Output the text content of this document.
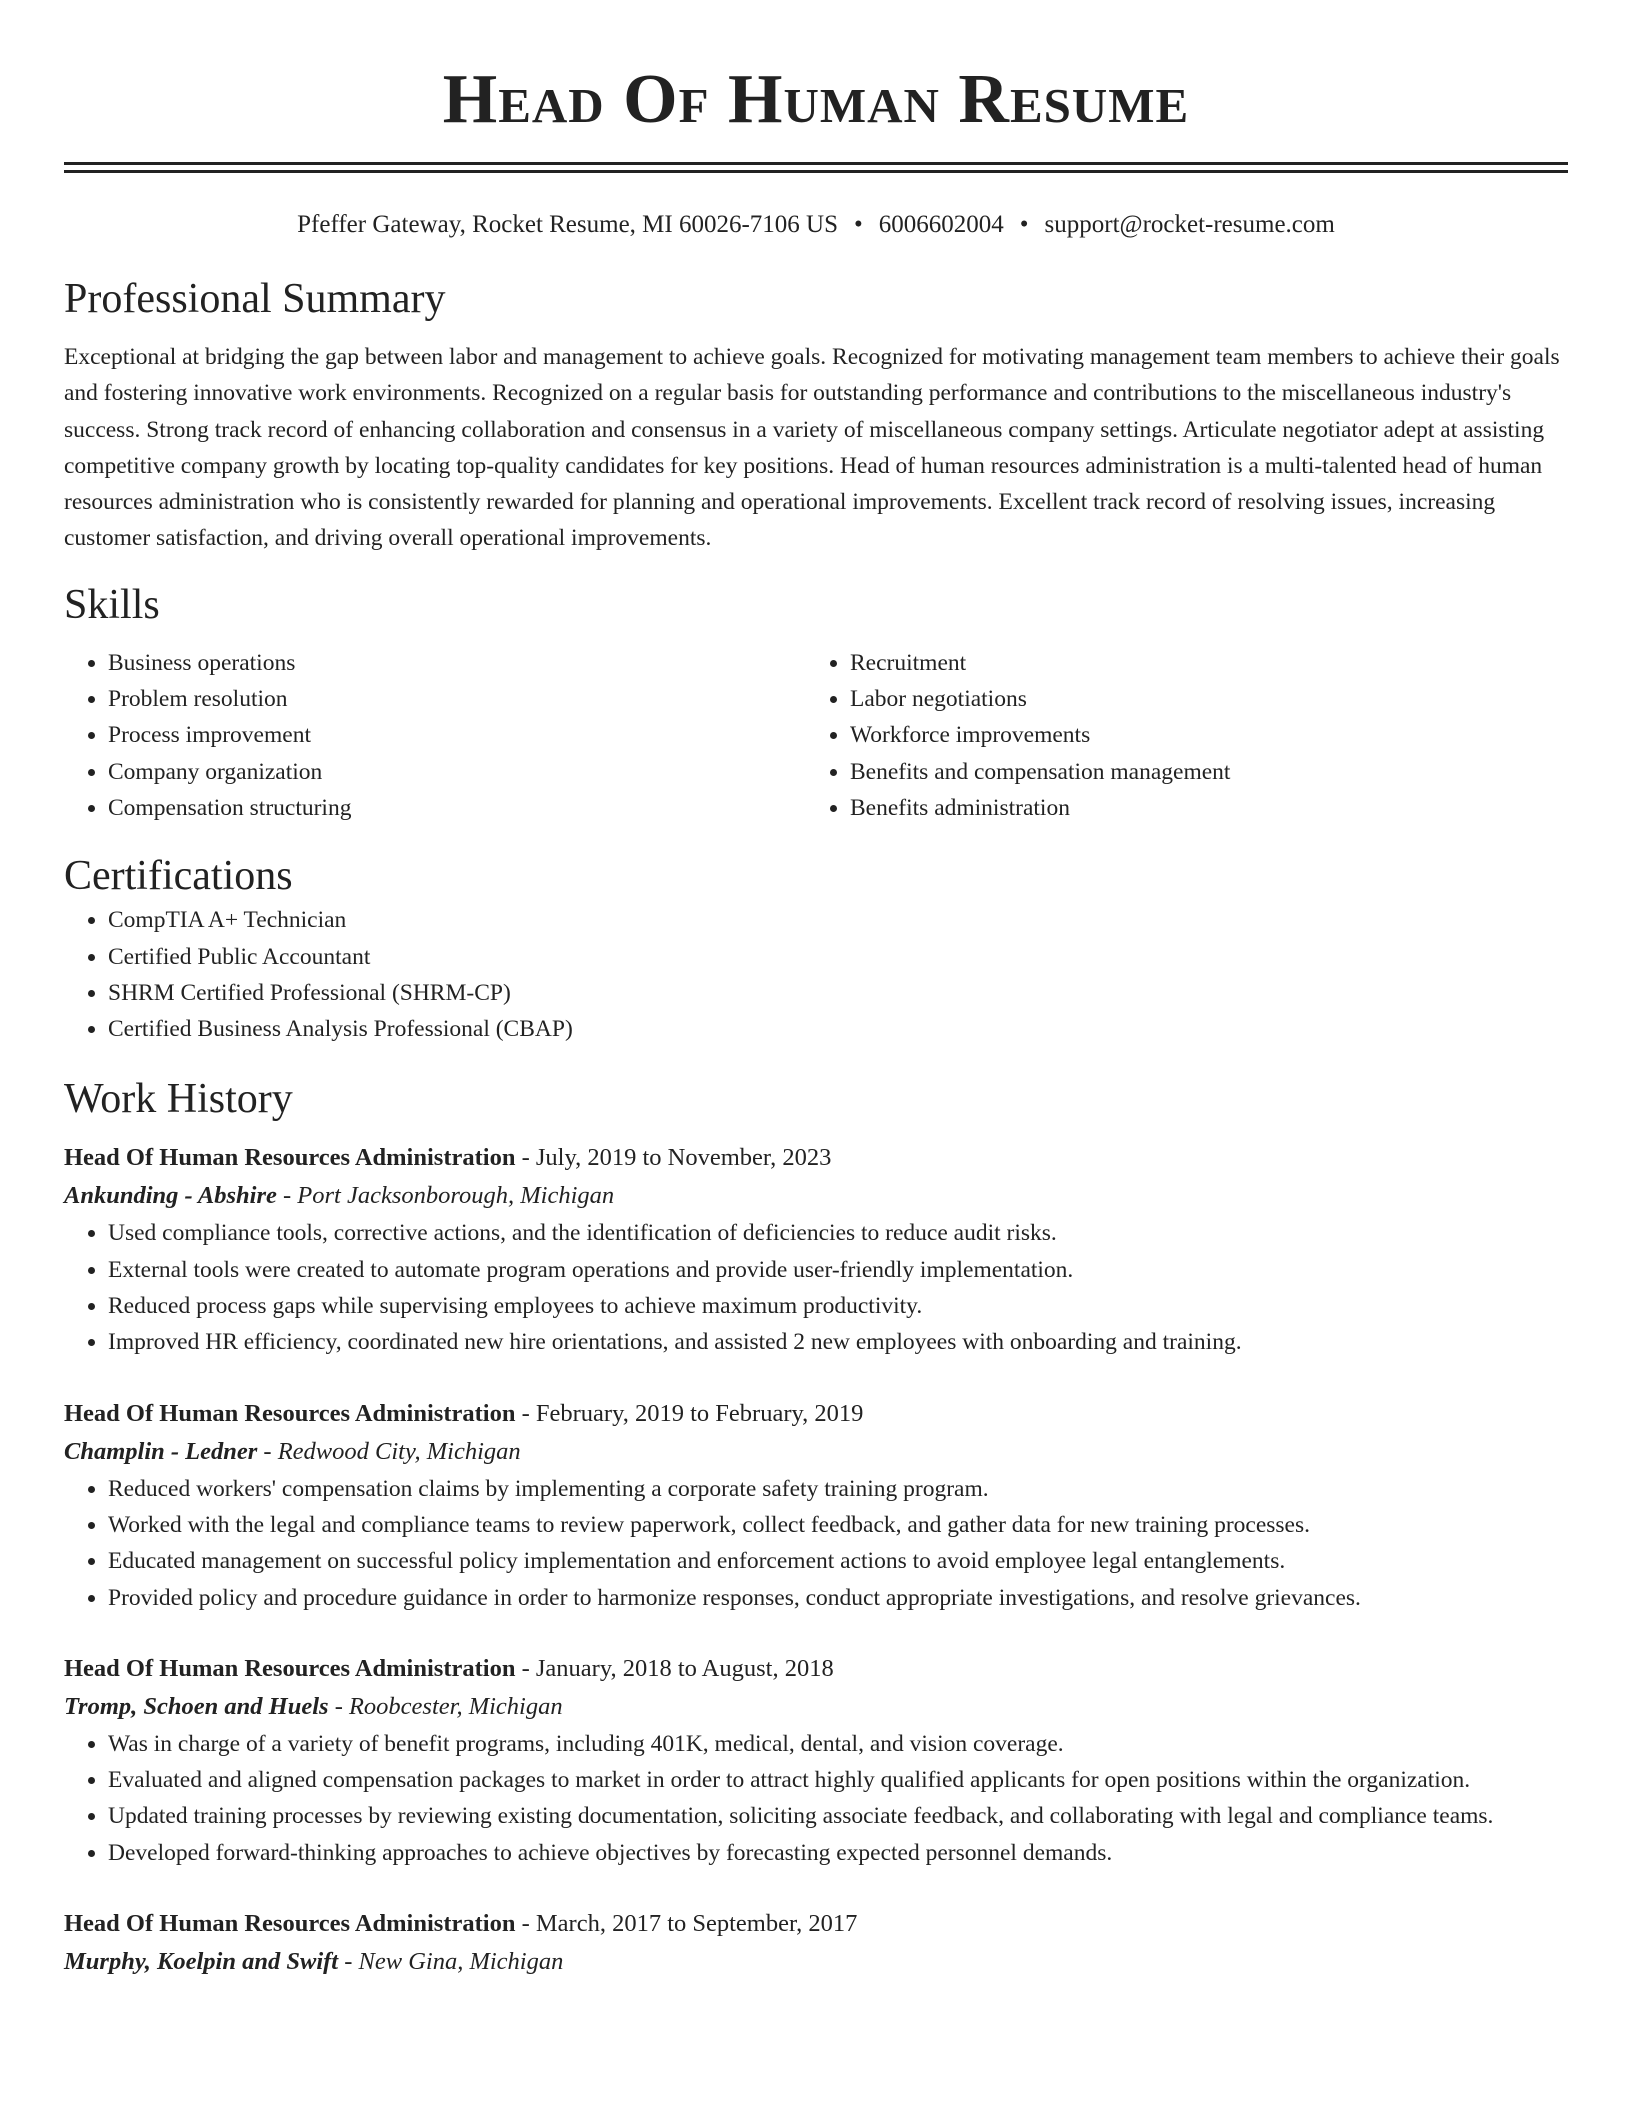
Head Of Human Resume
Pfeffer Gateway, Rocket Resume, MI 60026-7106 US • 6006602004 • support@rocket-resume.com
Professional Summary

Exceptional at bridging the gap between labor and management to achieve goals. Recognized for motivating management team members to achieve their goals and fostering innovative work environments. Recognized on a regular basis for outstanding performance and contributions to the miscellaneous industry's success. Strong track record of enhancing collaboration and consensus in a variety of miscellaneous company settings. Articulate negotiator adept at assisting competitive company growth by locating top-quality candidates for key positions. Head of human resources administration is a multi-talented head of human resources administration who is consistently rewarded for planning and operational improvements. Excellent track record of resolving issues, increasing customer satisfaction, and driving overall operational improvements.

Skills
• Business operations
• Problem resolution
• Process improvement
• Company organization
• Compensation structuring
• Recruitment
• Labor negotiations
• Workforce improvements
• Benefits and compensation management
• Benefits administration
Certifications
• CompTIA A+ Technician
• Certified Public Accountant
• SHRM Certified Professional (SHRM-CP)
• Certified Business Analysis Professional (CBAP)
Work History
Head Of Human Resources Administration - July, 2019 to November, 2023
Ankunding - Abshire - Port Jacksonborough, Michigan
• Used compliance tools, corrective actions, and the identification of deficiencies to reduce audit risks.
• External tools were created to automate program operations and provide user-friendly implementation.
• Reduced process gaps while supervising employees to achieve maximum productivity.
• Improved HR efficiency, coordinated new hire orientations, and assisted 2 new employees with onboarding and training.
Head Of Human Resources Administration - February, 2019 to February, 2019
Champlin - Ledner - Redwood City, Michigan
• Reduced workers' compensation claims by implementing a corporate safety training program.
• Worked with the legal and compliance teams to review paperwork, collect feedback, and gather data for new training processes.
• Educated management on successful policy implementation and enforcement actions to avoid employee legal entanglements.
• Provided policy and procedure guidance in order to harmonize responses, conduct appropriate investigations, and resolve grievances.
Head Of Human Resources Administration - January, 2018 to August, 2018
Tromp, Schoen and Huels - Roobcester, Michigan
• Was in charge of a variety of benefit programs, including 401K, medical, dental, and vision coverage.
• Evaluated and aligned compensation packages to market in order to attract highly qualified applicants for open positions within the organization.
• Updated training processes by reviewing existing documentation, soliciting associate feedback, and collaborating with legal and compliance teams.
• Developed forward-thinking approaches to achieve objectives by forecasting expected personnel demands.
Head Of Human Resources Administration - March, 2017 to September, 2017
Murphy, Koelpin and Swift - New Gina, Michigan
